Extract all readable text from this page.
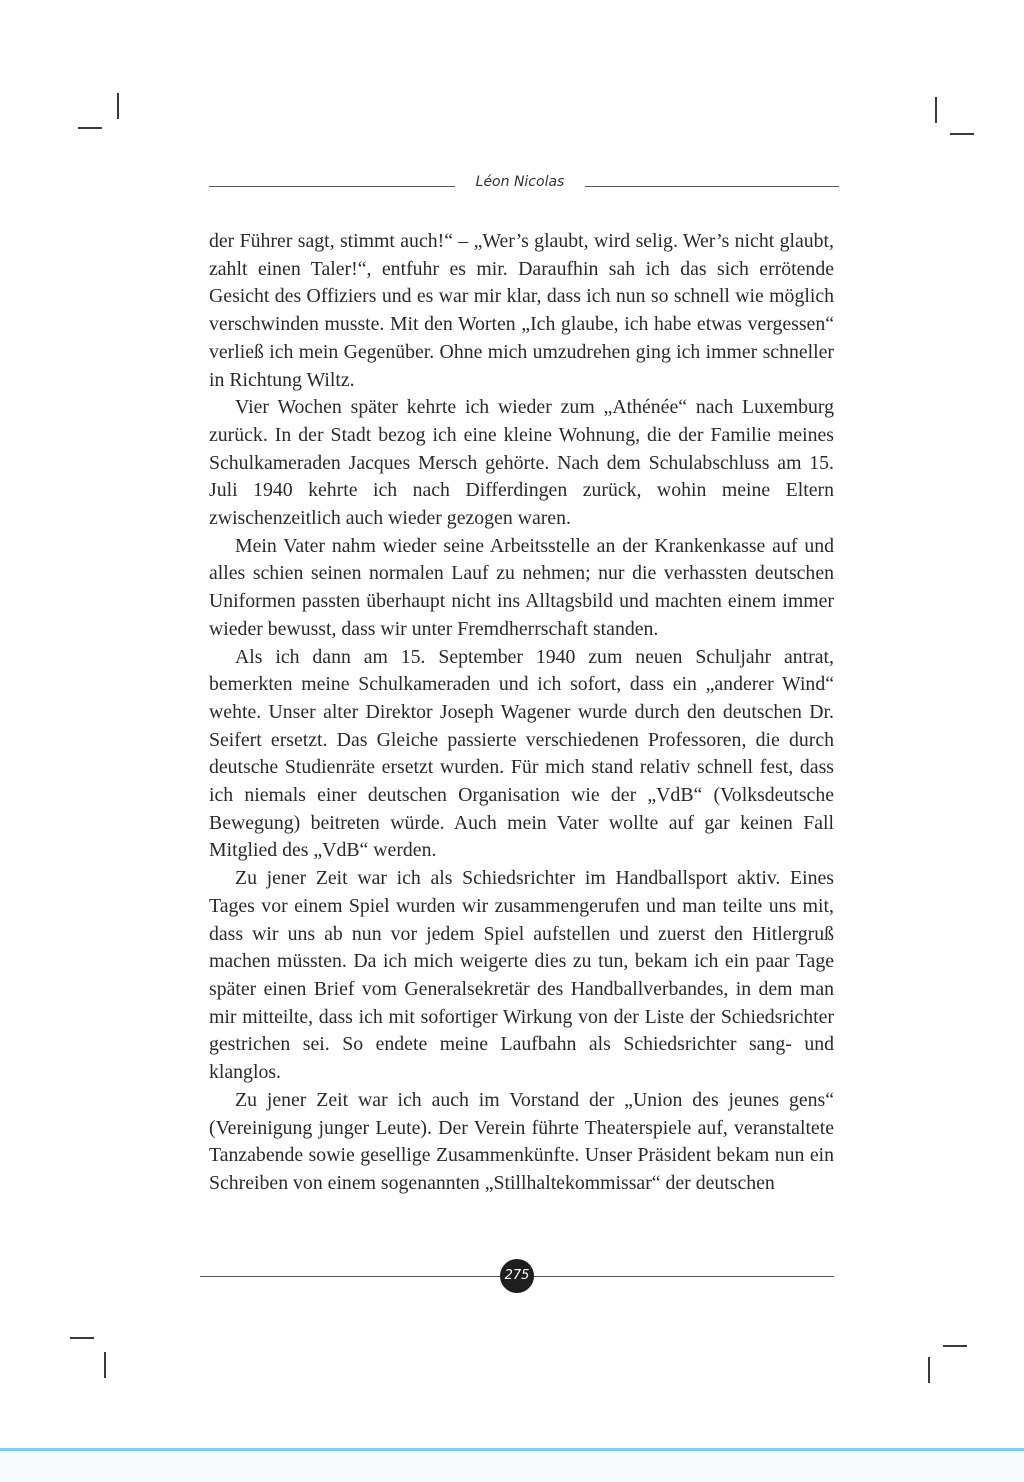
Léon Nicolas

der Führer sagt, stimmt auch!“ – „Wer’s glaubt, wird selig. Wer’s nicht glaubt, zahlt einen Taler!“, entfuhr es mir. Daraufhin sah ich das sich errötende Gesicht des Offiziers und es war mir klar, dass ich nun so schnell wie möglich verschwinden musste. Mit den Worten „Ich glaube, ich habe etwas vergessen“ verließ ich mein Gegenüber. Ohne mich umzudrehen ging ich immer schneller in Richtung Wiltz.

Vier Wochen später kehrte ich wieder zum „Athénée“ nach Luxemburg zurück. In der Stadt bezog ich eine kleine Wohnung, die der Familie meines Schulkameraden Jacques Mersch gehörte. Nach dem Schulabschluss am 15. Juli 1940 kehrte ich nach Differdingen zurück, wohin meine Eltern zwischenzeitlich auch wieder gezogen waren.

Mein Vater nahm wieder seine Arbeitsstelle an der Krankenkasse auf und alles schien seinen normalen Lauf zu nehmen; nur die verhassten deutschen Uniformen passten überhaupt nicht ins Alltagsbild und machten einem immer wieder bewusst, dass wir unter Fremdherrschaft standen.

Als ich dann am 15. September 1940 zum neuen Schuljahr antrat, bemerkten meine Schulkameraden und ich sofort, dass ein „anderer Wind“ wehte. Unser alter Direktor Joseph Wagener wurde durch den deutschen Dr. Seifert ersetzt. Das Gleiche passierte verschiedenen Professoren, die durch deutsche Studienräte ersetzt wurden. Für mich stand relativ schnell fest, dass ich niemals einer deutschen Organisation wie der „VdB“ (Volksdeutsche Bewegung) beitreten würde. Auch mein Vater wollte auf gar keinen Fall Mitglied des „VdB“ werden.

Zu jener Zeit war ich als Schiedsrichter im Handballsport aktiv. Eines Tages vor einem Spiel wurden wir zusammengerufen und man teilte uns mit, dass wir uns ab nun vor jedem Spiel aufstellen und zuerst den Hitlergruß machen müssten. Da ich mich weigerte dies zu tun, bekam ich ein paar Tage später einen Brief vom Generalsekretär des Handballverbandes, in dem man mir mitteilte, dass ich mit sofortiger Wirkung von der Liste der Schiedsrichter gestrichen sei. So endete meine Laufbahn als Schiedsrichter sang- und klanglos.

Zu jener Zeit war ich auch im Vorstand der „Union des jeunes gens“ (Vereinigung junger Leute). Der Verein führte Theaterspiele auf, veranstaltete Tanzabende sowie gesellige Zusammenkünfte. Unser Präsident bekam nun ein Schreiben von einem sogenannten „Stillhaltekommissar“ der deutschen

275
